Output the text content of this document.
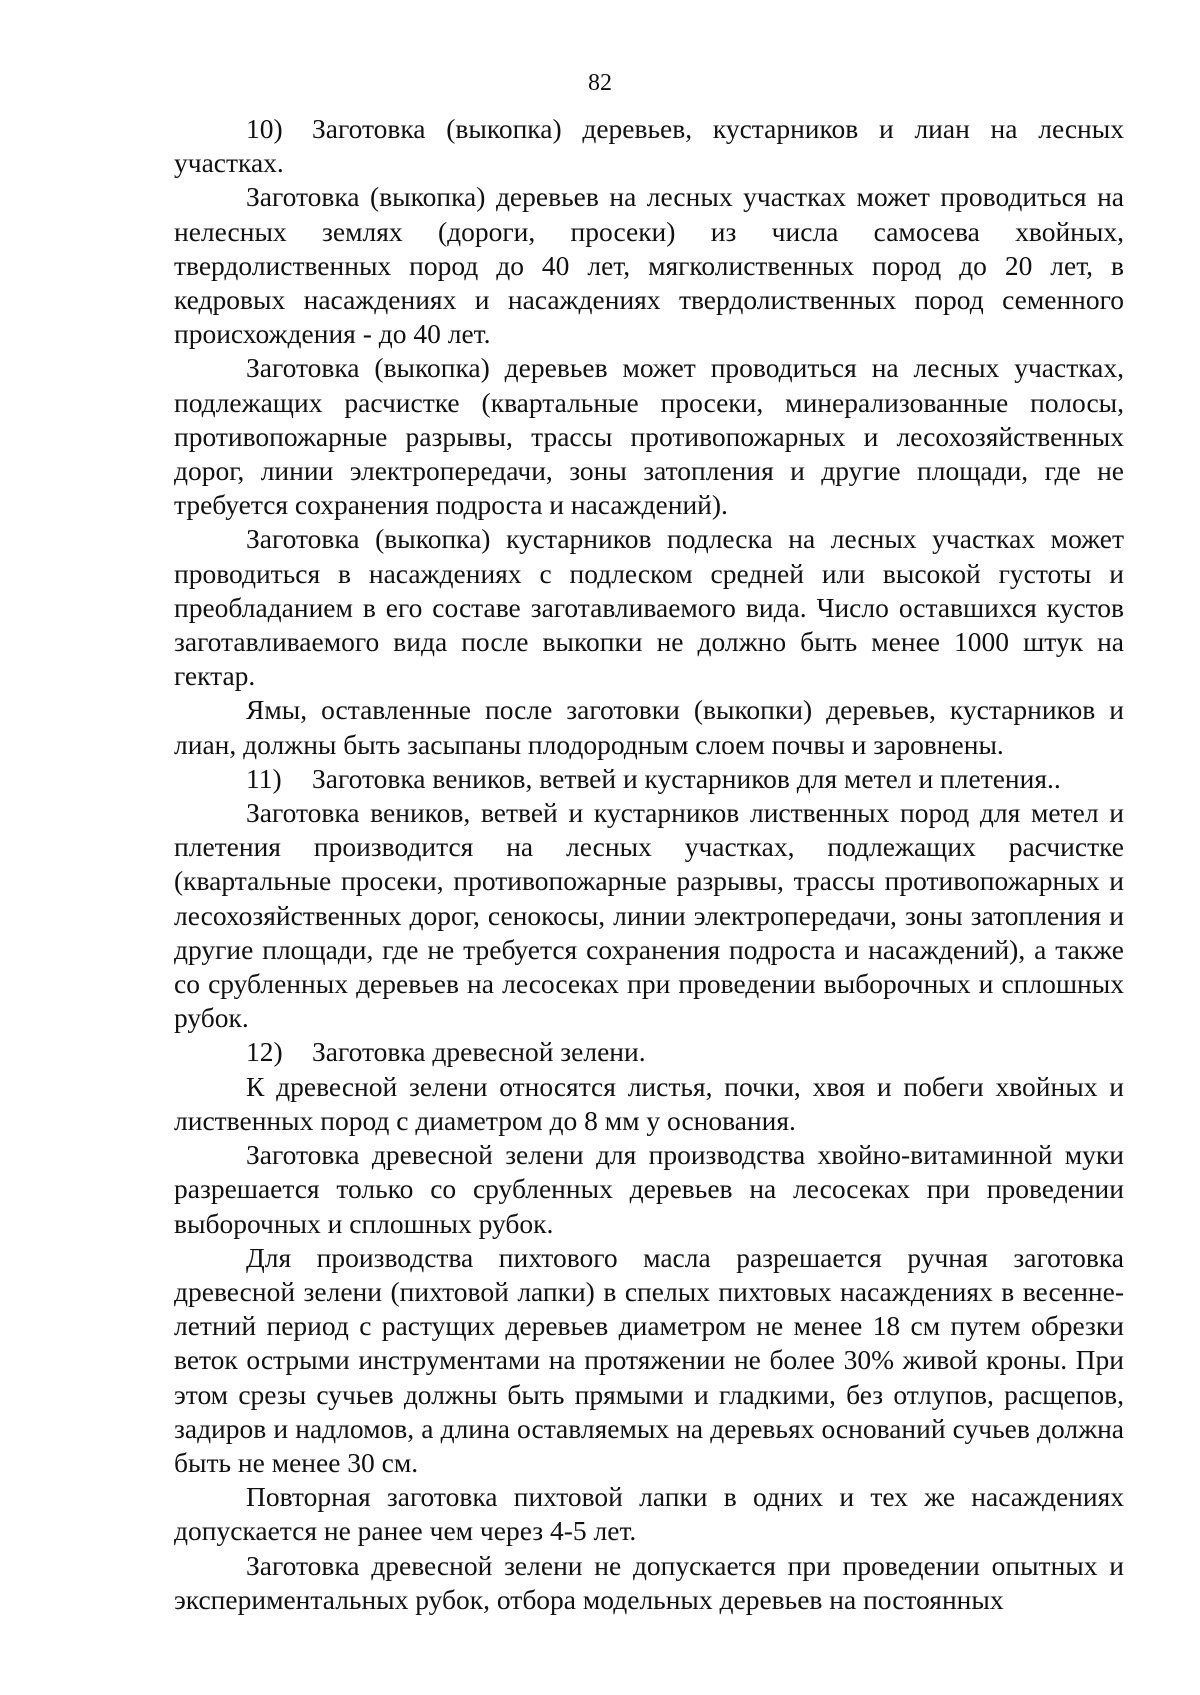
82

10) Заготовка (выкопка) деревьев, кустарников и лиан на лесных участках.

Заготовка (выкопка) деревьев на лесных участках может проводиться на нелесных землях (дороги, просеки) из числа самосева хвойных, твердолиственных пород до 40 лет, мягколиственных пород до 20 лет, в кедровых насаждениях и насаждениях твердолиственных пород семенного происхождения - до 40 лет.

Заготовка (выкопка) деревьев может проводиться на лесных участках, подлежащих расчистке (квартальные просеки, минерализованные полосы, противопожарные разрывы, трассы противопожарных и лесохозяйственных дорог, линии электропередачи, зоны затопления и другие площади, где не требуется сохранения подроста и насаждений).

Заготовка (выкопка) кустарников подлеска на лесных участках может проводиться в насаждениях с подлеском средней или высокой густоты и преобладанием в его составе заготавливаемого вида. Число оставшихся кустов заготавливаемого вида после выкопки не должно быть менее 1000 штук на гектар.

Ямы, оставленные после заготовки (выкопки) деревьев, кустарников и лиан, должны быть засыпаны плодородным слоем почвы и заровнены.

11) Заготовка веников, ветвей и кустарников для метел и плетения..

Заготовка веников, ветвей и кустарников лиственных пород для метел и плетения производится на лесных участках, подлежащих расчистке (квартальные просеки, противопожарные разрывы, трассы противопожарных и лесохозяйственных дорог, сенокосы, линии электропередачи, зоны затопления и другие площади, где не требуется сохранения подроста и насаждений), а также со срубленных деревьев на лесосеках при проведении выборочных и сплошных рубок.

12) Заготовка древесной зелени.

К древесной зелени относятся листья, почки, хвоя и побеги хвойных и лиственных пород с диаметром до 8 мм у основания.

Заготовка древесной зелени для производства хвойно-витаминной муки разрешается только со срубленных деревьев на лесосеках при проведении выборочных и сплошных рубок.

Для производства пихтового масла разрешается ручная заготовка древесной зелени (пихтовой лапки) в спелых пихтовых насаждениях в весенне-летний период с растущих деревьев диаметром не менее 18 см путем обрезки веток острыми инструментами на протяжении не более 30% живой кроны. При этом срезы сучьев должны быть прямыми и гладкими, без отлупов, расщепов, задиров и надломов, а длина оставляемых на деревьях оснований сучьев должна быть не менее 30 см.

Повторная заготовка пихтовой лапки в одних и тех же насаждениях допускается не ранее чем через 4-5 лет.

Заготовка древесной зелени не допускается при проведении опытных и экспериментальных рубок, отбора модельных деревьев на постоянных
